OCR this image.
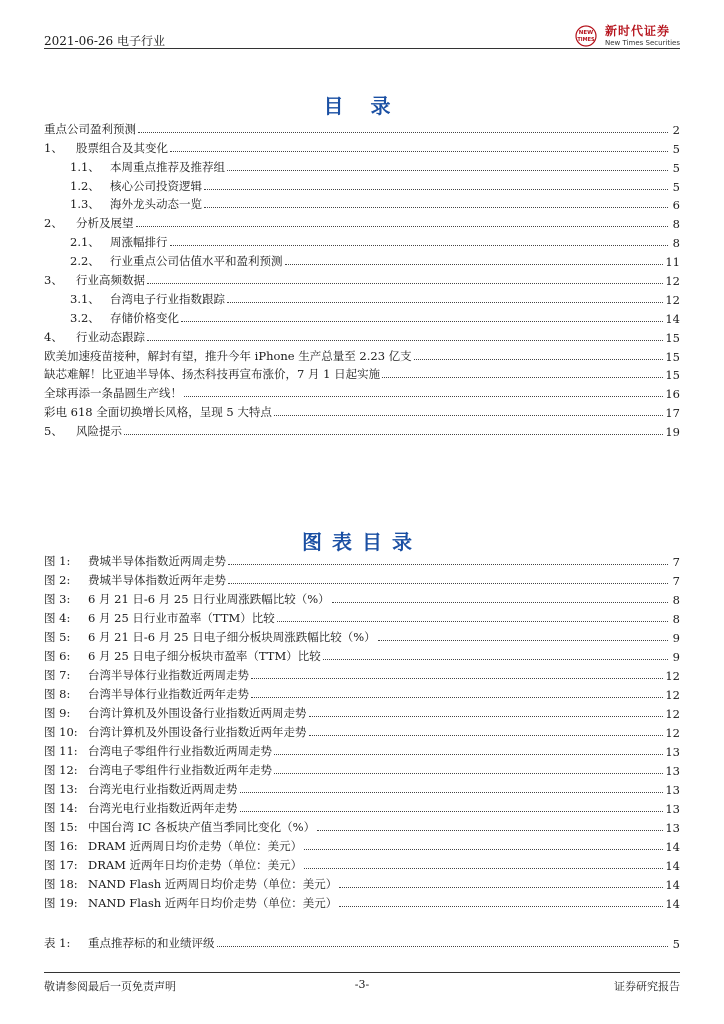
2021-06-26 电子行业
NEW
TIMES
新时代证券
New Times Securities
目 录
重点公司盈利预测	2
1、 股票组合及其变化	5
1.1、 本周重点推荐及推荐组	5
1.2、 核心公司投资逻辑	5
1.3、 海外龙头动态一览	6
2、 分析及展望	8
2.1、 周涨幅排行	8
2.2、 行业重点公司估值水平和盈利预测	11
3、 行业高频数据	12
3.1、 台湾电子行业指数跟踪	12
3.2、 存储价格变化	14
4、 行业动态跟踪	15
欧美加速疫苗接种，解封有望，推升今年 iPhone 生产总量至 2.23 亿支	15
缺芯难解！比亚迪半导体、扬杰科技再宣布涨价，7 月 1 日起实施	15
全球再添一条晶圆生产线！	16
彩电 618 全面切换增长风格，呈现 5 大特点	17
5、 风险提示	19
图表目录
图 1: 费城半导体指数近两周走势	7
图 2: 费城半导体指数近两年走势	7
图 3: 6 月 21 日-6 月 25 日行业周涨跌幅比较（%）	8
图 4: 6 月 25 日行业市盈率（TTM）比较	8
图 5: 6 月 21 日-6 月 25 日电子细分板块周涨跌幅比较（%）	9
图 6: 6 月 25 日电子细分板块市盈率（TTM）比较	9
图 7: 台湾半导体行业指数近两周走势	12
图 8: 台湾半导体行业指数近两年走势	12
图 9: 台湾计算机及外围设备行业指数近两周走势	12
图 10: 台湾计算机及外围设备行业指数近两年走势	12
图 11: 台湾电子零组件行业指数近两周走势	13
图 12: 台湾电子零组件行业指数近两年走势	13
图 13: 台湾光电行业指数近两周走势	13
图 14: 台湾光电行业指数近两年走势	13
图 15: 中国台湾 IC 各板块产值当季同比变化（%）	13
图 16: DRAM 近两周日均价走势（单位：美元）	14
图 17: DRAM 近两年日均价走势（单位：美元）	14
图 18: NAND Flash 近两周日均价走势（单位：美元）	14
图 19: NAND Flash 近两年日均价走势（单位：美元）	14
表 1: 重点推荐标的和业绩评级	5
敬请参阅最后一页免责声明	-3-	证券研究报告
